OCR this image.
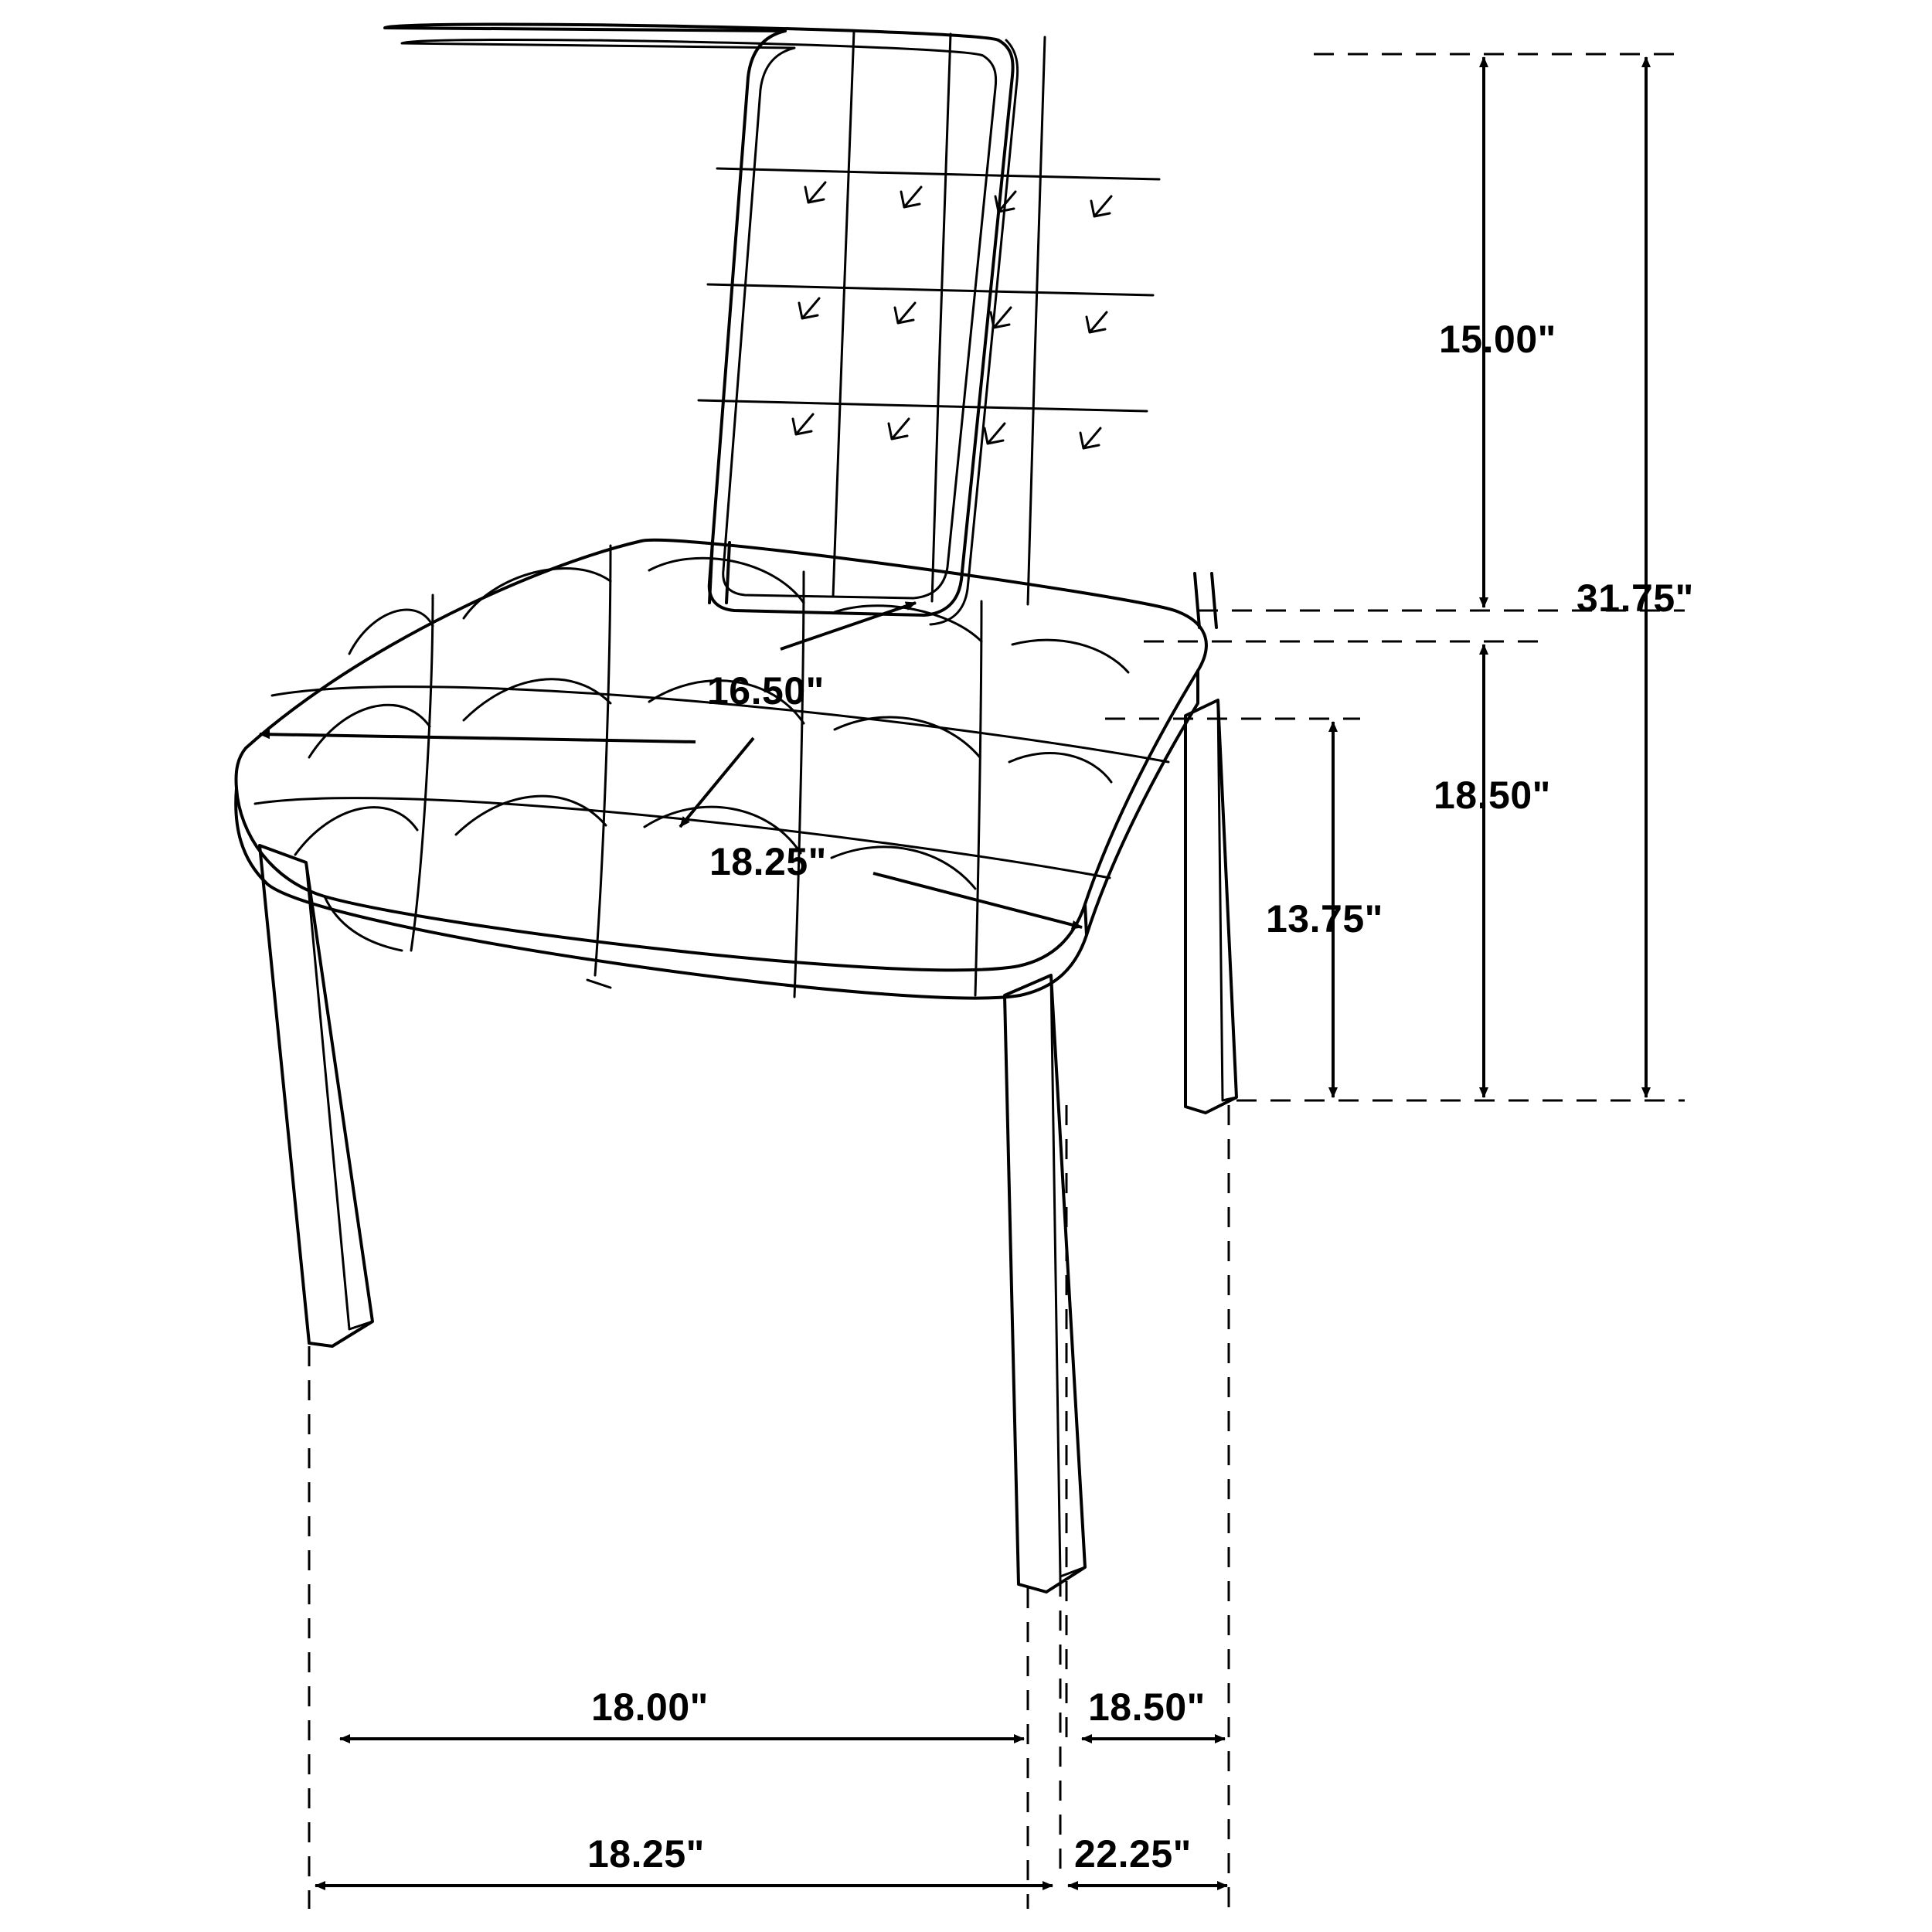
15.00"
31.75"
16.50"
18.25"
18.50"
13.75"
18.00"	18.50"
18.25"	22.25"
